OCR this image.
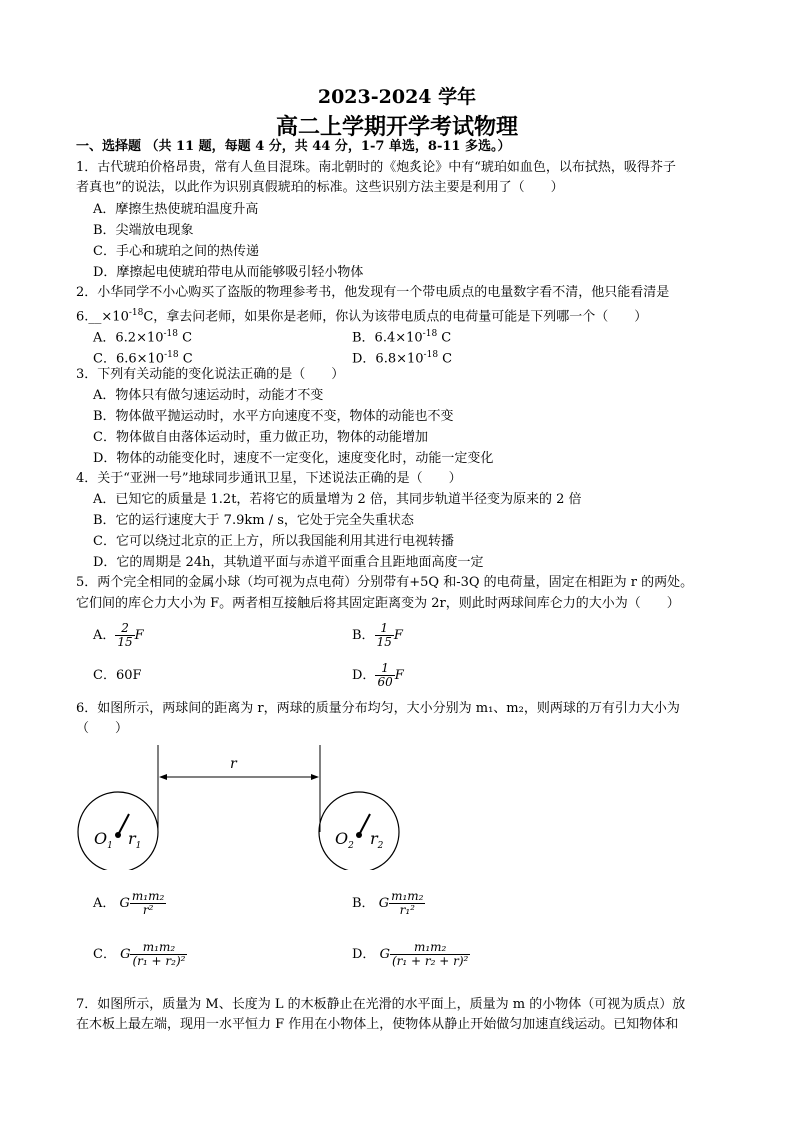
2023-2024 学年
高二上学期开学考试物理
一、选择题 （共 11 题，每题 4 分，共 44 分，1-7 单选，8-11 多选。）
1．古代琥珀价格昂贵，常有人鱼目混珠。南北朝时的《炮炙论》中有“琥珀如血色，以布拭热，吸得芥子
者真也”的说法，以此作为识别真假琥珀的标准。这些识别方法主要是利用了（　　）
A．摩擦生热使琥珀温度升高
B．尖端放电现象
C．手心和琥珀之间的热传递
D．摩擦起电使琥珀带电从而能够吸引轻小物体
2．小华同学不小心购买了盗版的物理参考书，他发现有一个带电质点的电量数字看不清，他只能看清是
$6.\_\_\times 10^{-18}C$，拿去问老师，如果你是老师，你认为该带电质点的电荷量可能是下列哪一个（　　）
A．$6.2\times 10^{-18}$ C	B．$6.4\times 10^{-18}$ C
C．$6.6\times 10^{-18}$ C	D．$6.8\times 10^{-18}$ C
3．下列有关动能的变化说法正确的是（　　）
A．物体只有做匀速运动时，动能才不变
B．物体做平抛运动时，水平方向速度不变，物体的动能也不变
C．物体做自由落体运动时，重力做正功，物体的动能增加
D．物体的动能变化时，速度不一定变化，速度变化时，动能一定变化
4．关于“亚洲一号”地球同步通讯卫星，下述说法正确的是（　　）
A．已知它的质量是 1.2t，若将它的质量增为 2 倍，其同步轨道半径变为原来的 2 倍
B．它的运行速度大于 7.9km / s，它处于完全失重状态
C．它可以绕过北京的正上方，所以我国能利用其进行电视转播
D．它的周期是 24h，其轨道平面与赤道平面重合且距地面高度一定
5．两个完全相同的金属小球（均可视为点电荷）分别带有+5Q 和-3Q 的电荷量，固定在相距为 r 的两处。
它们间的库仑力大小为 F。两者相互接触后将其固定距离变为 2r，则此时两球间库仑力的大小为（　　）
A． $\frac{2}{15}$ F	B． $\frac{1}{15}$ F
C．60F	D． $\frac{1}{60}$ F
6．如图所示，两球间的距离为 r，两球的质量分布均匀，大小分别为 m₁、m₂，则两球的万有引力大小为
（　　）
r
$O_1$ $r_1$	$O_2$ $r_2$
A． G $\frac{\text{m₁m₂}}{\text{r²}}$	B． G $\frac{\text{m₁m₂}}{\text{r₁²}}$
C． G $\frac{\text{m₁m₂}}{\text{(r₁ + r₂)²}}$	D． G $\frac{\text{m₁m₂}}{\text{(r₁ + r₂ + r)²}}$
7．如图所示，质量为 M、长度为 L 的木板静止在光滑的水平面上，质量为 m 的小物体（可视为质点）放
在木板上最左端，现用一水平恒力 F 作用在小物体上，使物体从静止开始做匀加速直线运动。已知物体和
